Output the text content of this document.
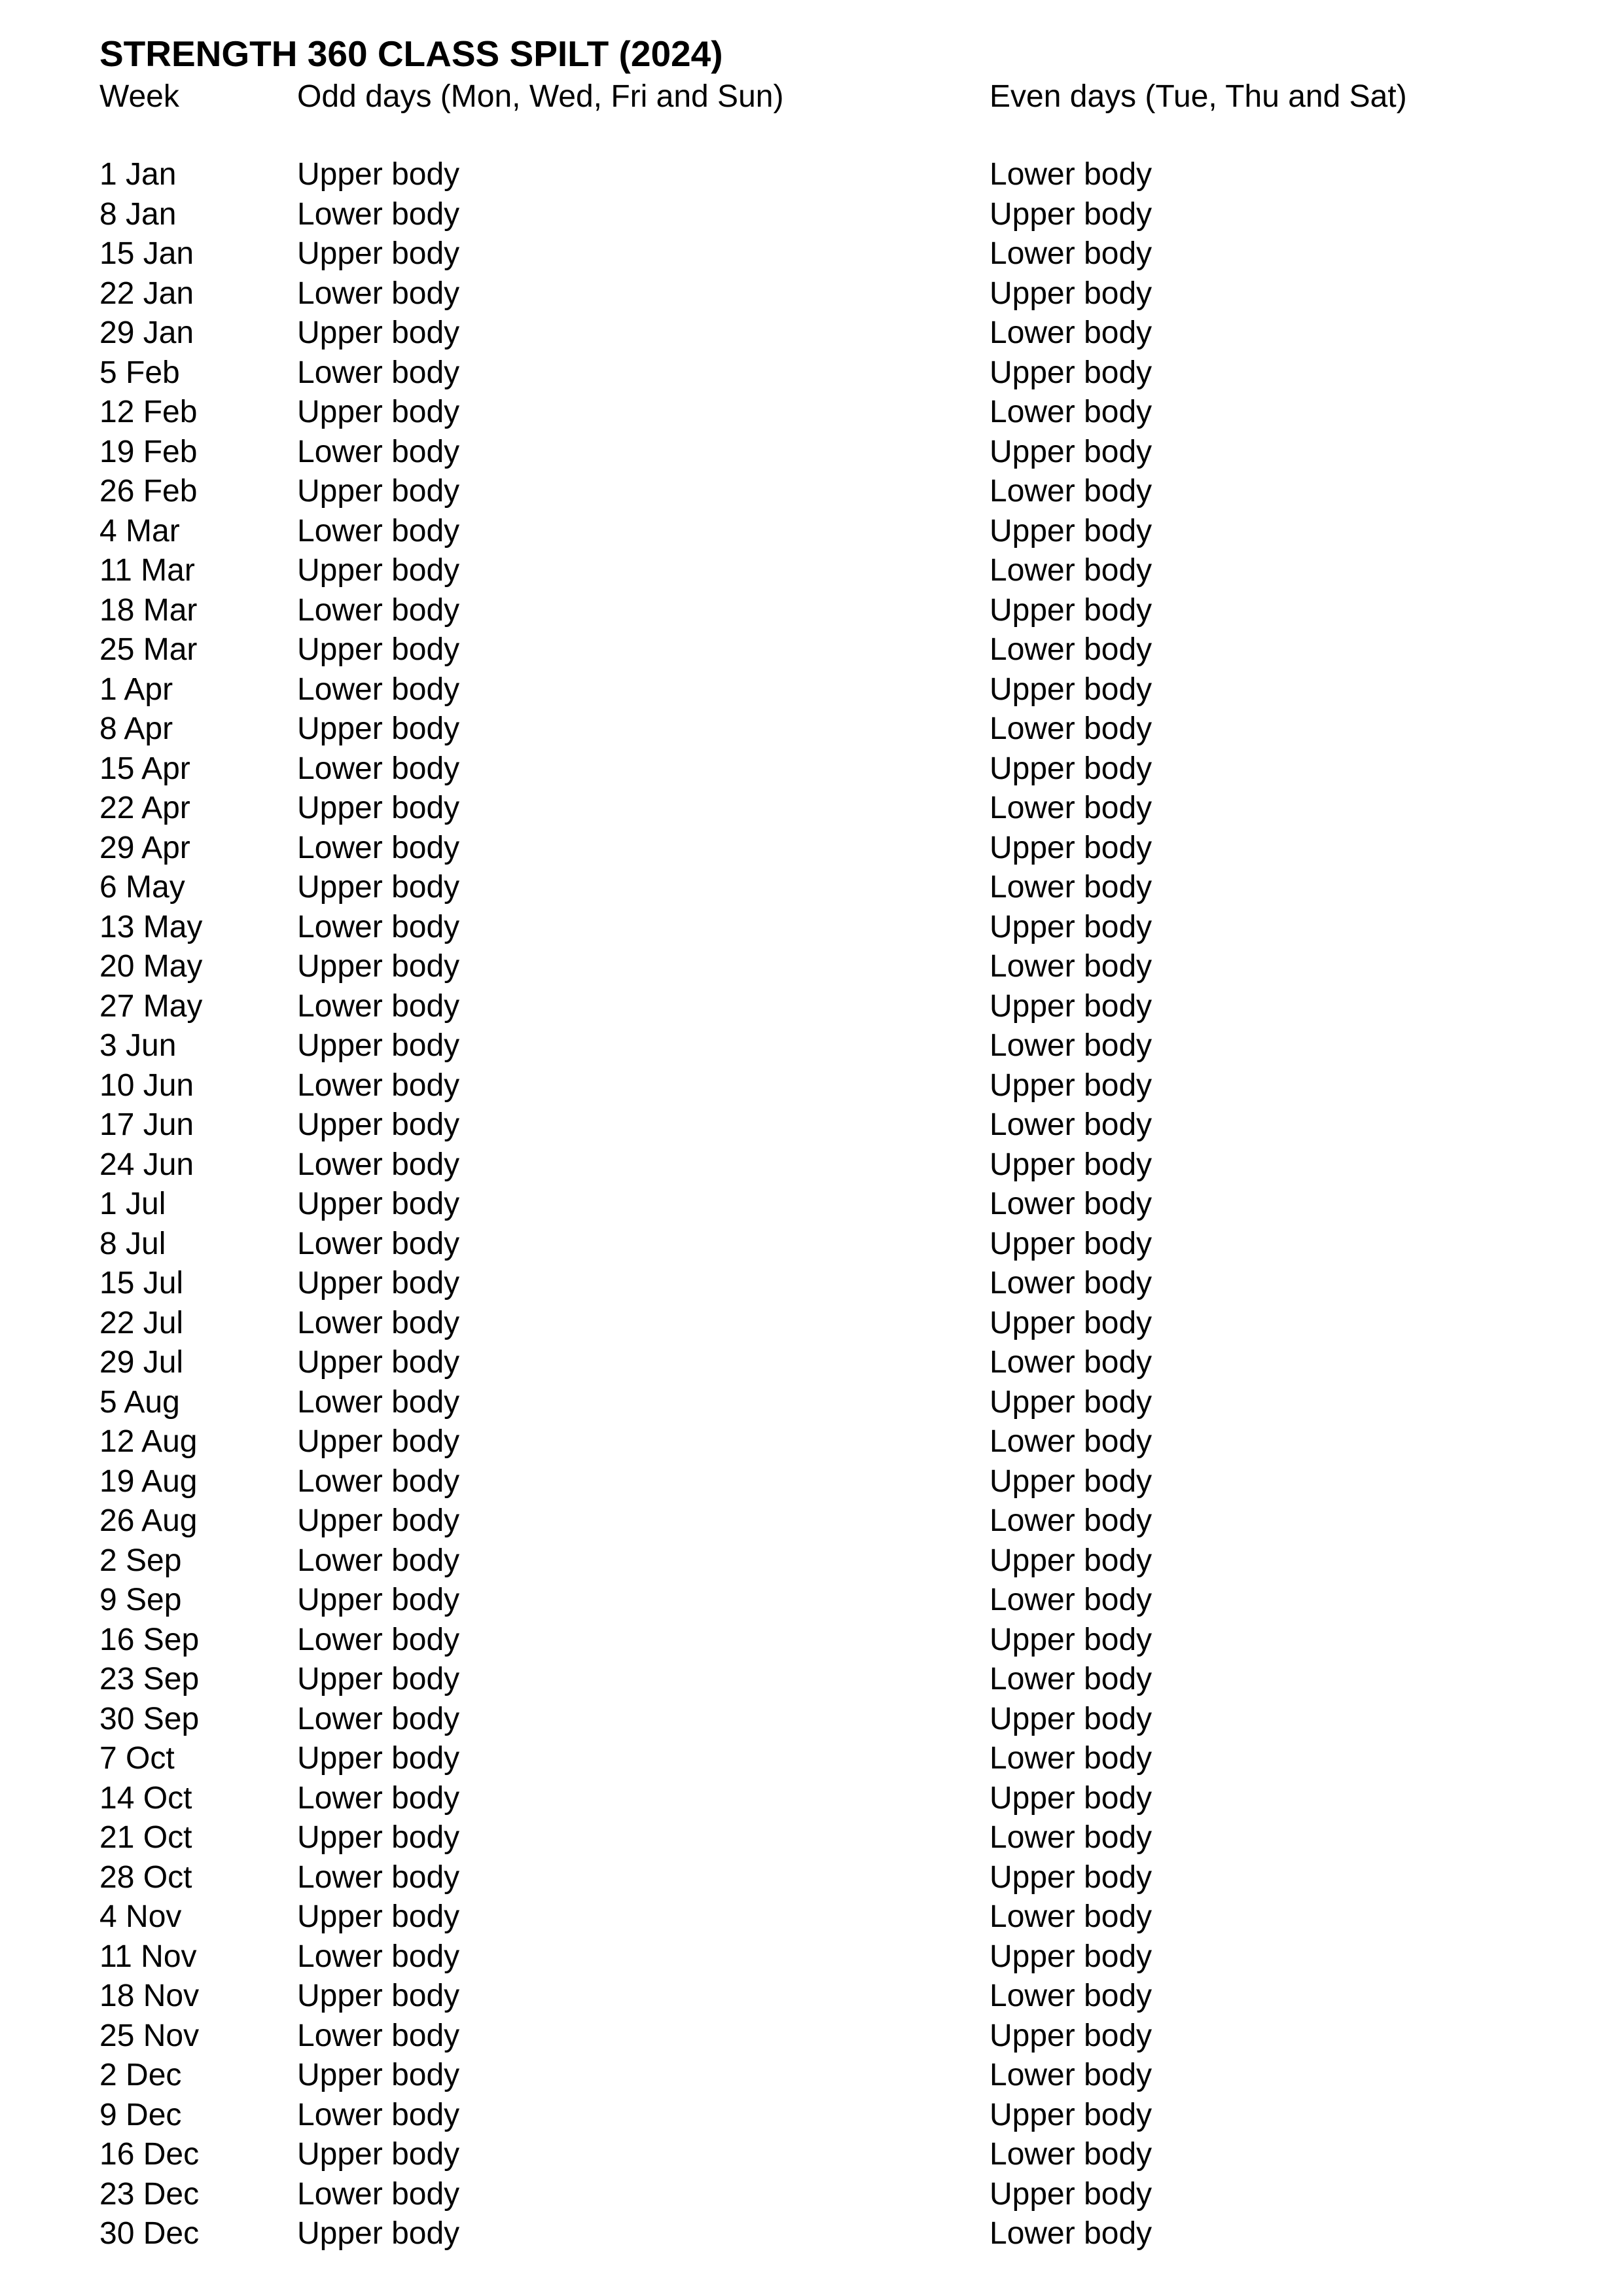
STRENGTH 360 CLASS SPILT (2024)
Week	Odd days (Mon, Wed, Fri and Sun)	Even days (Tue, Thu and Sat)
1 Jan	Upper body	Lower body
8 Jan	Lower body	Upper body
15 Jan	Upper body	Lower body
22 Jan	Lower body	Upper body
29 Jan	Upper body	Lower body
5 Feb	Lower body	Upper body
12 Feb	Upper body	Lower body
19 Feb	Lower body	Upper body
26 Feb	Upper body	Lower body
4 Mar	Lower body	Upper body
11 Mar	Upper body	Lower body
18 Mar	Lower body	Upper body
25 Mar	Upper body	Lower body
1 Apr	Lower body	Upper body
8 Apr	Upper body	Lower body
15 Apr	Lower body	Upper body
22 Apr	Upper body	Lower body
29 Apr	Lower body	Upper body
6 May	Upper body	Lower body
13 May	Lower body	Upper body
20 May	Upper body	Lower body
27 May	Lower body	Upper body
3 Jun	Upper body	Lower body
10 Jun	Lower body	Upper body
17 Jun	Upper body	Lower body
24 Jun	Lower body	Upper body
1 Jul	Upper body	Lower body
8 Jul	Lower body	Upper body
15 Jul	Upper body	Lower body
22 Jul	Lower body	Upper body
29 Jul	Upper body	Lower body
5 Aug	Lower body	Upper body
12 Aug	Upper body	Lower body
19 Aug	Lower body	Upper body
26 Aug	Upper body	Lower body
2 Sep	Lower body	Upper body
9 Sep	Upper body	Lower body
16 Sep	Lower body	Upper body
23 Sep	Upper body	Lower body
30 Sep	Lower body	Upper body
7 Oct	Upper body	Lower body
14 Oct	Lower body	Upper body
21 Oct	Upper body	Lower body
28 Oct	Lower body	Upper body
4 Nov	Upper body	Lower body
11 Nov	Lower body	Upper body
18 Nov	Upper body	Lower body
25 Nov	Lower body	Upper body
2 Dec	Upper body	Lower body
9 Dec	Lower body	Upper body
16 Dec	Upper body	Lower body
23 Dec	Lower body	Upper body
30 Dec	Upper body	Lower body
